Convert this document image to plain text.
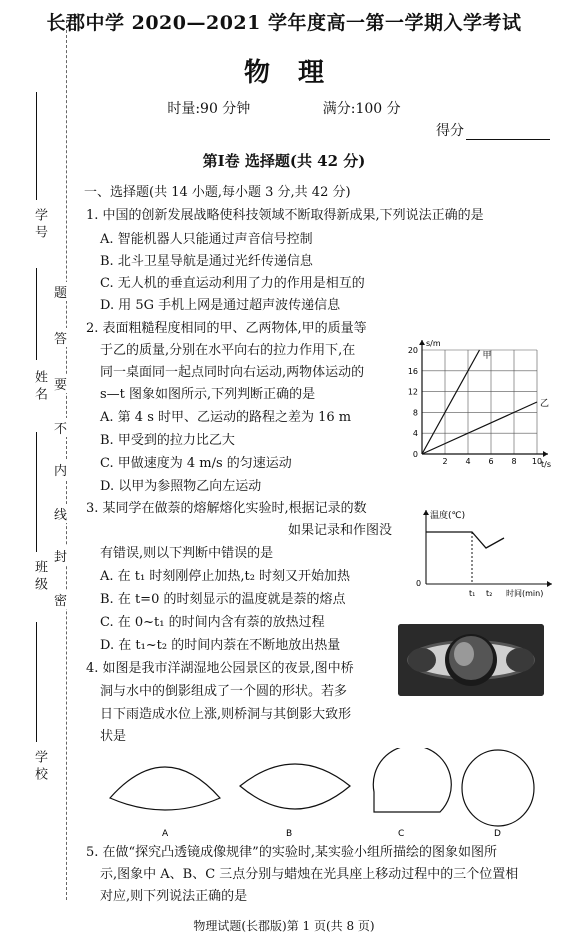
学 号
姓 名
班 级
学 校
题
答
要
不
内
线
封
密
长郡中学 2020—2021 学年度高一第一学期入学考试
物理
时量:90 分钟	满分:100 分
得分
第Ⅰ卷 选择题(共 42 分)
一、选择题(共 14 小题,每小题 3 分,共 42 分)
1. 中国的创新发展战略使科技领域不断取得新成果,下列说法正确的是
A. 智能机器人只能通过声音信号控制
B. 北斗卫星导航是通过光纤传递信息
C. 无人机的垂直运动利用了力的作用是相互的
D. 用 5G 手机上网是通过超声波传递信息
2. 表面粗糙程度相同的甲、乙两物体,甲的质量等
于乙的质量,分别在水平向右的拉力作用下,在
同一桌面同一起点同时向右运动,两物体运动的
s—t 图象如图所示,下列判断正确的是
A. 第 4 s 时甲、乙运动的路程之差为 16 m
B. 甲受到的拉力比乙大
C. 甲做速度为 4 m/s 的匀速运动
D. 以甲为参照物乙向左运动
s/m
t/s
20
16
12
8
4
0
2 4 6 8 10
甲
乙
3. 某同学在做萘的熔解熔化实验时,根据记录的数
如果记录和作图没
有错误,则以下判断中错误的是
A. 在 t₁ 时刻刚停止加热,t₂ 时刻又开始加热
B. 在 t=0 的时刻显示的温度就是萘的熔点
C. 在 0~t₁ 的时间内含有萘的放热过程
D. 在 t₁~t₂ 的时间内萘在不断地放出热量
温度(℃)
0
t₁ t₂ 时间(min)
4. 如图是我市洋湖湿地公园景区的夜景,图中桥
洞与水中的倒影组成了一个圆的形状。若多
日下雨造成水位上涨,则桥洞与其倒影大致形
状是
A	B	C	D
5. 在做“探究凸透镜成像规律”的实验时,某实验小组所描绘的图象如图所
示,图象中 A、B、C 三点分别与蜡烛在光具座上移动过程中的三个位置相
对应,则下列说法正确的是
物理试题(长郡版)第 1 页(共 8 页)
